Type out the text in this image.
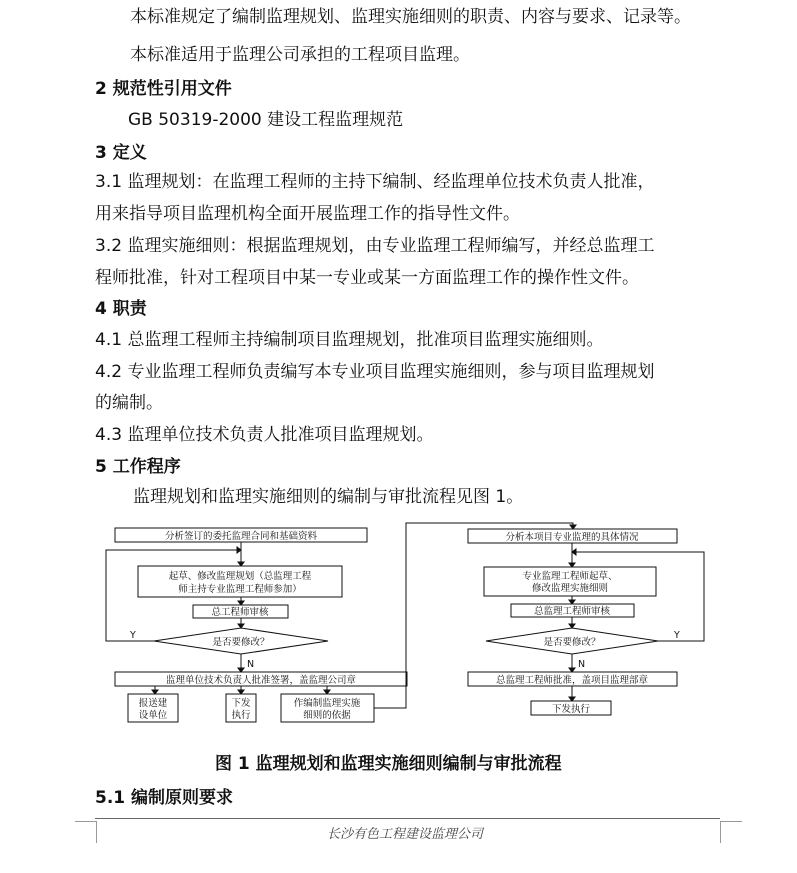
本标准规定了编制监理规划、监理实施细则的职责、内容与要求、记录等。
本标准适用于监理公司承担的工程项目监理。
2 规范性引用文件
GB 50319-2000 建设工程监理规范
3 定义
3.1 监理规划：在监理工程师的主持下编制、经监理单位技术负责人批准，
用来指导项目监理机构全面开展监理工作的指导性文件。
3.2 监理实施细则：根据监理规划，由专业监理工程师编写，并经总监理工
程师批准，针对工程项目中某一专业或某一方面监理工作的操作性文件。
4 职责
4.1 总监理工程师主持编制项目监理规划，批准项目监理实施细则。
4.2 专业监理工程师负责编写本专业项目监理实施细则，参与项目监理规划
的编制。
4.3 监理单位技术负责人批准项目监理规划。
5 工作程序
监理规划和监理实施细则的编制与审批流程见图 1。
分析签订的委托监理合同和基础资料
起草、修改监理规划（总监理工程
师主持专业监理工程师参加）
总工程师审核
是否要修改？
Y
N
监理单位技术负责人批准签署，盖监理公司章
报送建
设单位
下发
执行
作编制监理实施
细则的依据
分析本项目专业监理的具体情况
专业监理工程师起草、
修改监理实施细则
总监理工程师审核
是否要修改？
Y
N
总监理工程师批准，盖项目监理部章
下发执行
图 1 监理规划和监理实施细则编制与审批流程
5.1 编制原则要求
长沙有色工程建设监理公司
